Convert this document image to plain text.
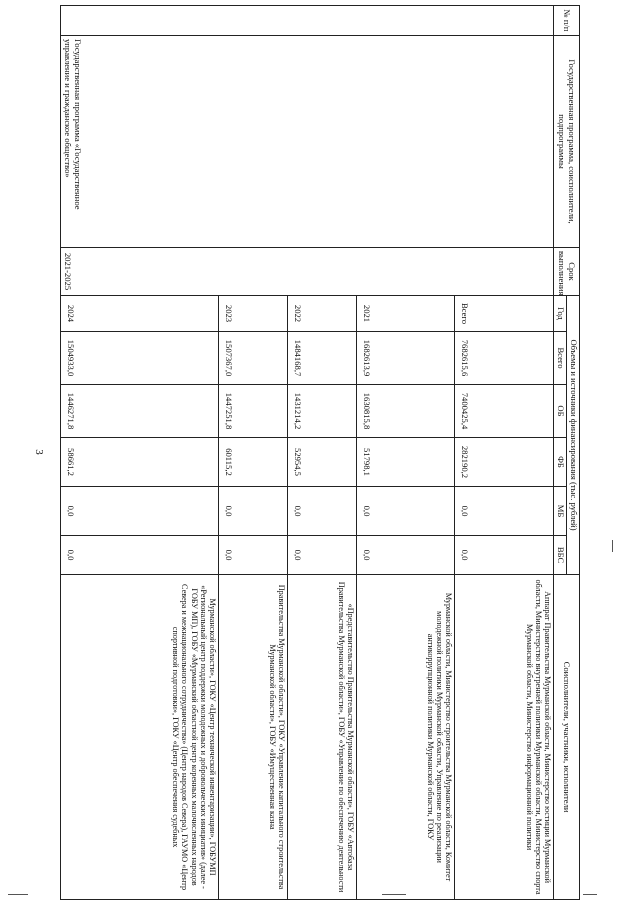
3
№ п/п	Государственная программа, соисполнители, подпрограммы	Срок выполнения	Объемы и источники финансирования (тыс. рублей)						Соисполнители, участники, исполнители
			Год	Всего	ОБ	ФБ	МБ	ВБС	
	Государственная программа «Государственное управление и гражданское общество»	2021-2025	Всего	7682615,6	7400425,4	282190,2	0,0	0,0	Аппарат Правительства Мурманской области, Министерство юстиции Мурманской области, Министерство внутренней политики Мурманской области, Министерство спорта Мурманской области, Министерство информационной политики

			2021	1682613,9	1630815,8	51798,1	0,0	0,0	Мурманской области, Министерство строительства Мурманской области, Комитет молодежной политики Мурманской области, Управление по реализации антикоррупционной политики Мурманской области, ГОКУ

			2022	1484168,7	1431214,2	52954,5	0,0	0,0	«Представительство Правительства Мурманской области», ГОБУ «Автобаза Правительства Мурманской области», ГОБУ «Управление по обеспечению деятельности

			2023	1507367,0	1447251,8	60115,2	0,0	0,0	Правительства Мурманской области», ГОКУ «Управление капитального строительства Мурманской области», ГОБУ «Имущественная казна

			2024	1504933,0	1446271,8	58661,2	0,0	0,0	Мурманской области», ГОКУ «Центр технической инвентаризации», ГОБУМП «Региональный центр поддержки молодежных и добровольческих инициатив» (далее - ГОБУ МП), ГОБУ «Мурманский областной центр коренных малочисленных народов Севера и межнационального сотрудничества» (Центр народов Севера), ГАУМО «Центр спортивной подготовки», ГОКУ «Центр обеспечения судебных
